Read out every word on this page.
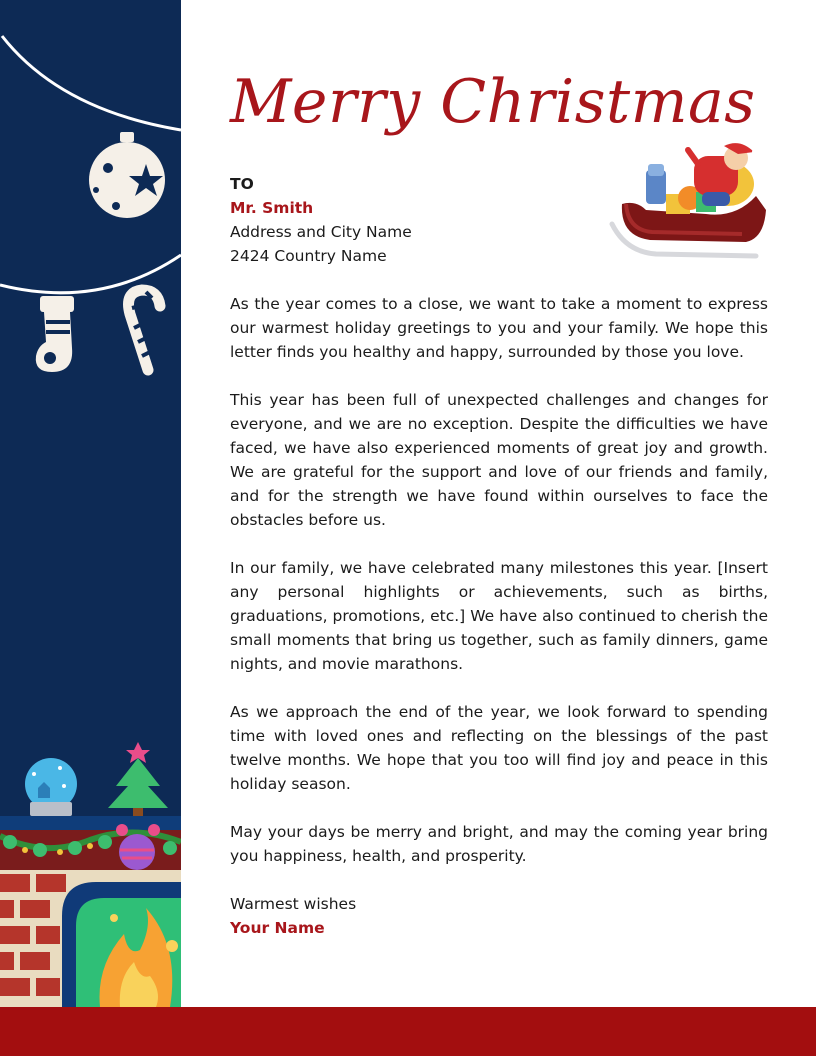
Merry Christmas
TO
Mr. Smith
Address and City Name
2424 Country Name

As the year comes to a close, we want to take a moment to express our warmest holiday greetings to you and your family. We hope this letter finds you healthy and happy, surrounded by those you love.

This year has been full of unexpected challenges and changes for everyone, and we are no exception. Despite the difficulties we have faced, we have also experienced moments of great joy and growth. We are grateful for the support and love of our friends and family, and for the strength we have found within ourselves to face the obstacles before us.

In our family, we have celebrated many milestones this year. [Insert any personal highlights or achievements, such as births, graduations, promotions, etc.] We have also continued to cherish the small moments that bring us together, such as family dinners, game nights, and movie marathons.

As we approach the end of the year, we look forward to spending time with loved ones and reflecting on the blessings of the past twelve months. We hope that you too will find joy and peace in this holiday season.

May your days be merry and bright, and may the coming year bring you happiness, health, and prosperity.

Warmest wishes
Your Name
